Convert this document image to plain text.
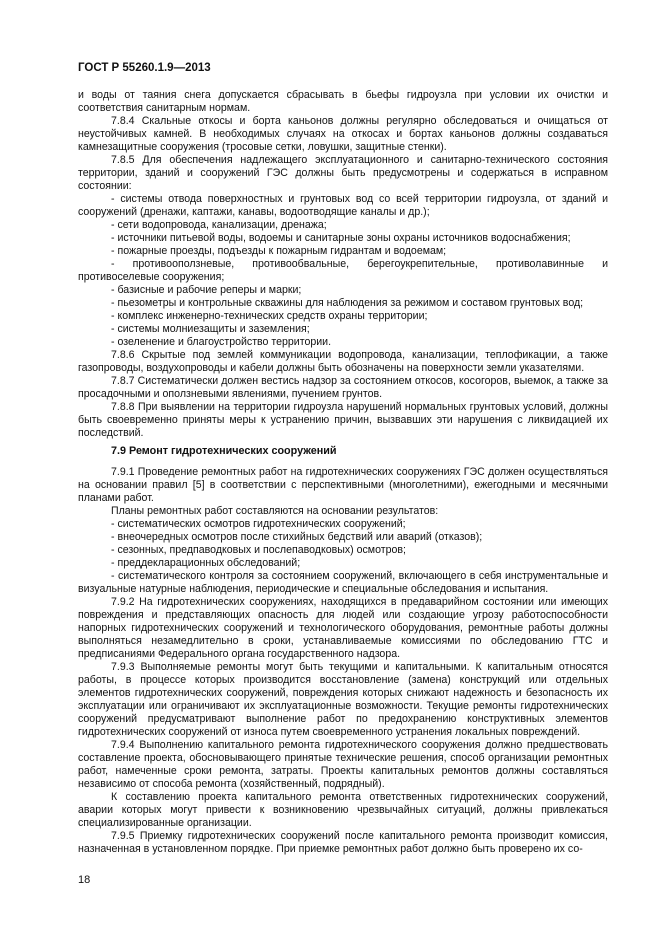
ГОСТ Р 55260.1.9—2013

и воды от таяния снега допускается сбрасывать в бьефы гидроузла при условии их очистки и соответствия санитарным нормам.

7.8.4 Скальные откосы и борта каньонов должны регулярно обследоваться и очищаться от неустойчивых камней. В необходимых случаях на откосах и бортах каньонов должны создаваться камнезащитные сооружения (тросовые сетки, ловушки, защитные стенки).

7.8.5 Для обеспечения надлежащего эксплуатационного и санитарно-технического состояния территории, зданий и сооружений ГЭС должны быть предусмотрены и содержаться в исправном состоянии:

- системы отвода поверхностных и грунтовых вод со всей территории гидроузла, от зданий и сооружений (дренажи, каптажи, канавы, водоотводящие каналы и др.);

- сети водопровода, канализации, дренажа;

- источники питьевой воды, водоемы и санитарные зоны охраны источников водоснабжения;

- пожарные проезды, подъезды к пожарным гидрантам и водоемам;

- противооползневые, противообвальные, берегоукрепительные, противолавинные и противоселевые сооружения;

- базисные и рабочие реперы и марки;

- пьезометры и контрольные скважины для наблюдения за режимом и составом грунтовых вод;

- комплекс инженерно-технических средств охраны территории;

- системы молниезащиты и заземления;

- озеленение и благоустройство территории.

7.8.6 Скрытые под землей коммуникации водопровода, канализации, теплофикации, а также газопроводы, воздухопроводы и кабели должны быть обозначены на поверхности земли указателями.

7.8.7 Систематически должен вестись надзор за состоянием откосов, косогоров, выемок, а также за просадочными и оползневыми явлениями, пучением грунтов.

7.8.8 При выявлении на территории гидроузла нарушений нормальных грунтовых условий, должны быть своевременно приняты меры к устранению причин, вызвавших эти нарушения с ликвидацией их последствий.

7.9 Ремонт гидротехнических сооружений

7.9.1 Проведение ремонтных работ на гидротехнических сооружениях ГЭС должен осуществляться на основании правил [5] в соответствии с перспективными (многолетними), ежегодными и месячными планами работ.

Планы ремонтных работ составляются на основании результатов:

- систематических осмотров гидротехнических сооружений;

- внеочередных осмотров после стихийных бедствий или аварий (отказов);

- сезонных, предпаводковых и послепаводковых) осмотров;

- преддекларационных обследований;

- систематического контроля за состоянием сооружений, включающего в себя инструментальные и визуальные натурные наблюдения, периодические и специальные обследования и испытания.

7.9.2 На гидротехнических сооружениях, находящихся в предаварийном состоянии или имеющих повреждения и представляющих опасность для людей или создающие угрозу работоспособности напорных гидротехнических сооружений и технологического оборудования, ремонтные работы должны выполняться незамедлительно в сроки, устанавливаемые комиссиями по обследованию ГТС и предписаниями Федерального органа государственного надзора.

7.9.3 Выполняемые ремонты могут быть текущими и капитальными. К капитальным относятся работы, в процессе которых производится восстановление (замена) конструкций или отдельных элементов гидротехнических сооружений, повреждения которых снижают надежность и безопасность их эксплуатации или ограничивают их эксплуатационные возможности. Текущие ремонты гидротехнических сооружений предусматривают выполнение работ по предохранению конструктивных элементов гидротехнических сооружений от износа путем своевременного устранения локальных повреждений.

7.9.4 Выполнению капитального ремонта гидротехнического сооружения должно предшествовать составление проекта, обосновывающего принятые технические решения, способ организации ремонтных работ, намеченные сроки ремонта, затраты. Проекты капитальных ремонтов должны составляться независимо от способа ремонта (хозяйственный, подрядный).

К составлению проекта капитального ремонта ответственных гидротехнических сооружений, аварии которых могут привести к возникновению чрезвычайных ситуаций, должны привлекаться специализированные организации.

7.9.5 Приемку гидротехнических сооружений после капитального ремонта производит комиссия, назначенная в установленном порядке. При приемке ремонтных работ должно быть проверено их со-

18
